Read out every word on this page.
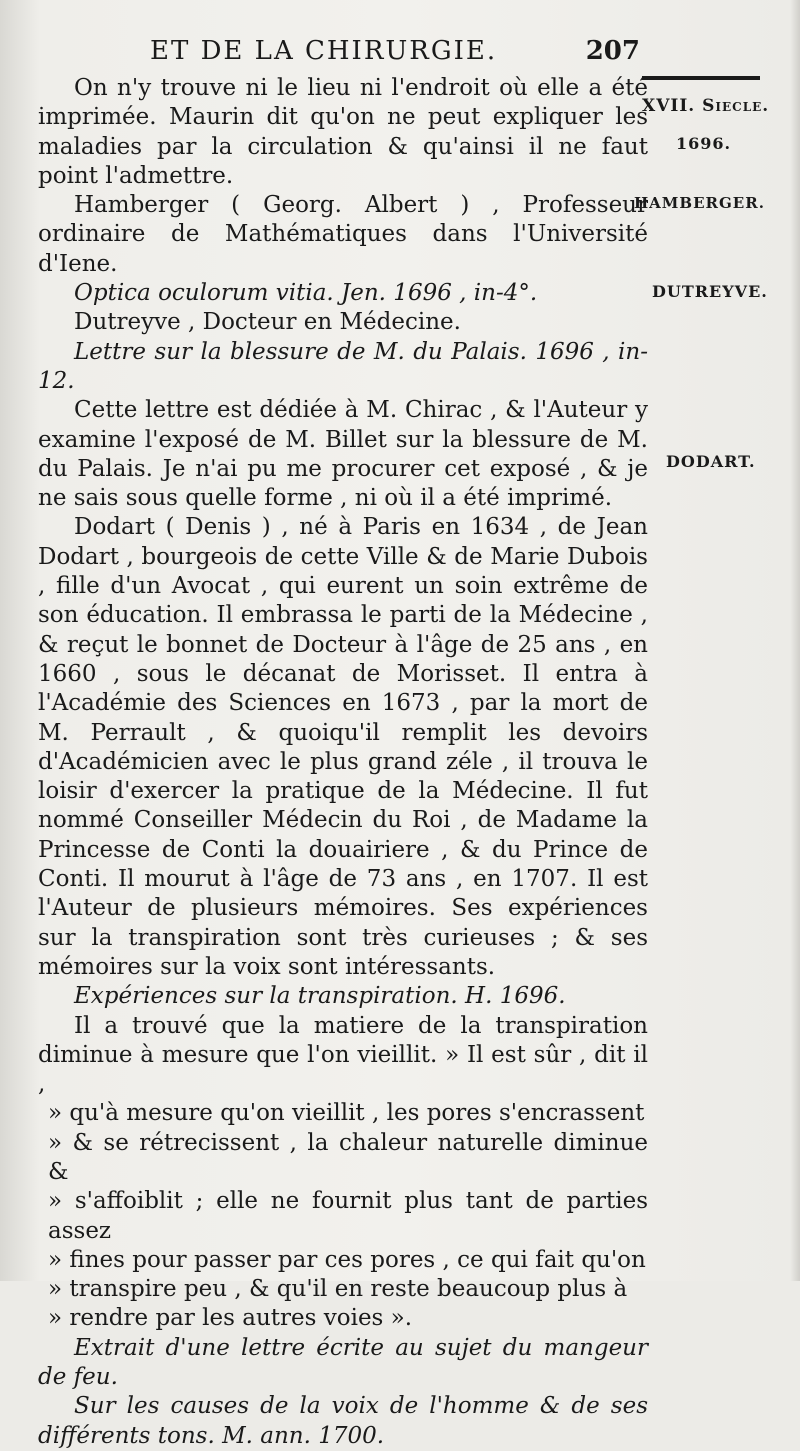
ET DE LA CHIRURGIE.	207
XVII. Siecle.
1696.
HAMBERGER.
DUTREYVE.
DODART.

On n'y trouve ni le lieu ni l'endroit où elle a été imprimée. Maurin dit qu'on ne peut expliquer les maladies par la circulation & qu'ainsi il ne faut point l'admettre.

Hamberger ( Georg. Albert ) , Professeur ordinaire de Mathématiques dans l'Université d'Iene.

Optica oculorum vitia. Jen. 1696 , in-4°.

Dutreyve , Docteur en Médecine.

Lettre sur la blessure de M. du Palais. 1696 , in-12.

Cette lettre est dédiée à M. Chirac , & l'Auteur y examine l'exposé de M. Billet sur la blessure de M. du Palais. Je n'ai pu me procurer cet exposé , & je ne sais sous quelle forme , ni où il a été imprimé.

Dodart ( Denis ) , né à Paris en 1634 , de Jean Dodart , bourgeois de cette Ville & de Marie Dubois , fille d'un Avocat , qui eurent un soin extrême de son éducation. Il embrassa le parti de la Médecine , & reçut le bonnet de Docteur à l'âge de 25 ans , en 1660 , sous le décanat de Morisset. Il entra à l'Académie des Sciences en 1673 , par la mort de M. Perrault , & quoiqu'il remplit les devoirs d'Académicien avec le plus grand zéle , il trouva le loisir d'exercer la pratique de la Médecine. Il fut nommé Conseiller Médecin du Roi , de Madame la Princesse de Conti la douairiere , & du Prince de Conti. Il mourut à l'âge de 73 ans , en 1707. Il est l'Auteur de plusieurs mémoires. Ses expériences sur la transpiration sont très curieuses ; & ses mémoires sur la voix sont intéressants.

Expériences sur la transpiration. H. 1696.

Il a trouvé que la matiere de la transpiration diminue à mesure que l'on vieillit. » Il est sûr , dit il ,

» qu'à mesure qu'on vieillit , les pores s'encrassent

» & se rétrecissent , la chaleur naturelle diminue &

» s'affoiblit ; elle ne fournit plus tant de parties assez

» fines pour passer par ces pores , ce qui fait qu'on

» transpire peu , & qu'il en reste beaucoup plus à

» rendre par les autres voies ».

Extrait d'une lettre écrite au sujet du mangeur de feu.

Sur les causes de la voix de l'homme & de ses différents tons. M. ann. 1700.
